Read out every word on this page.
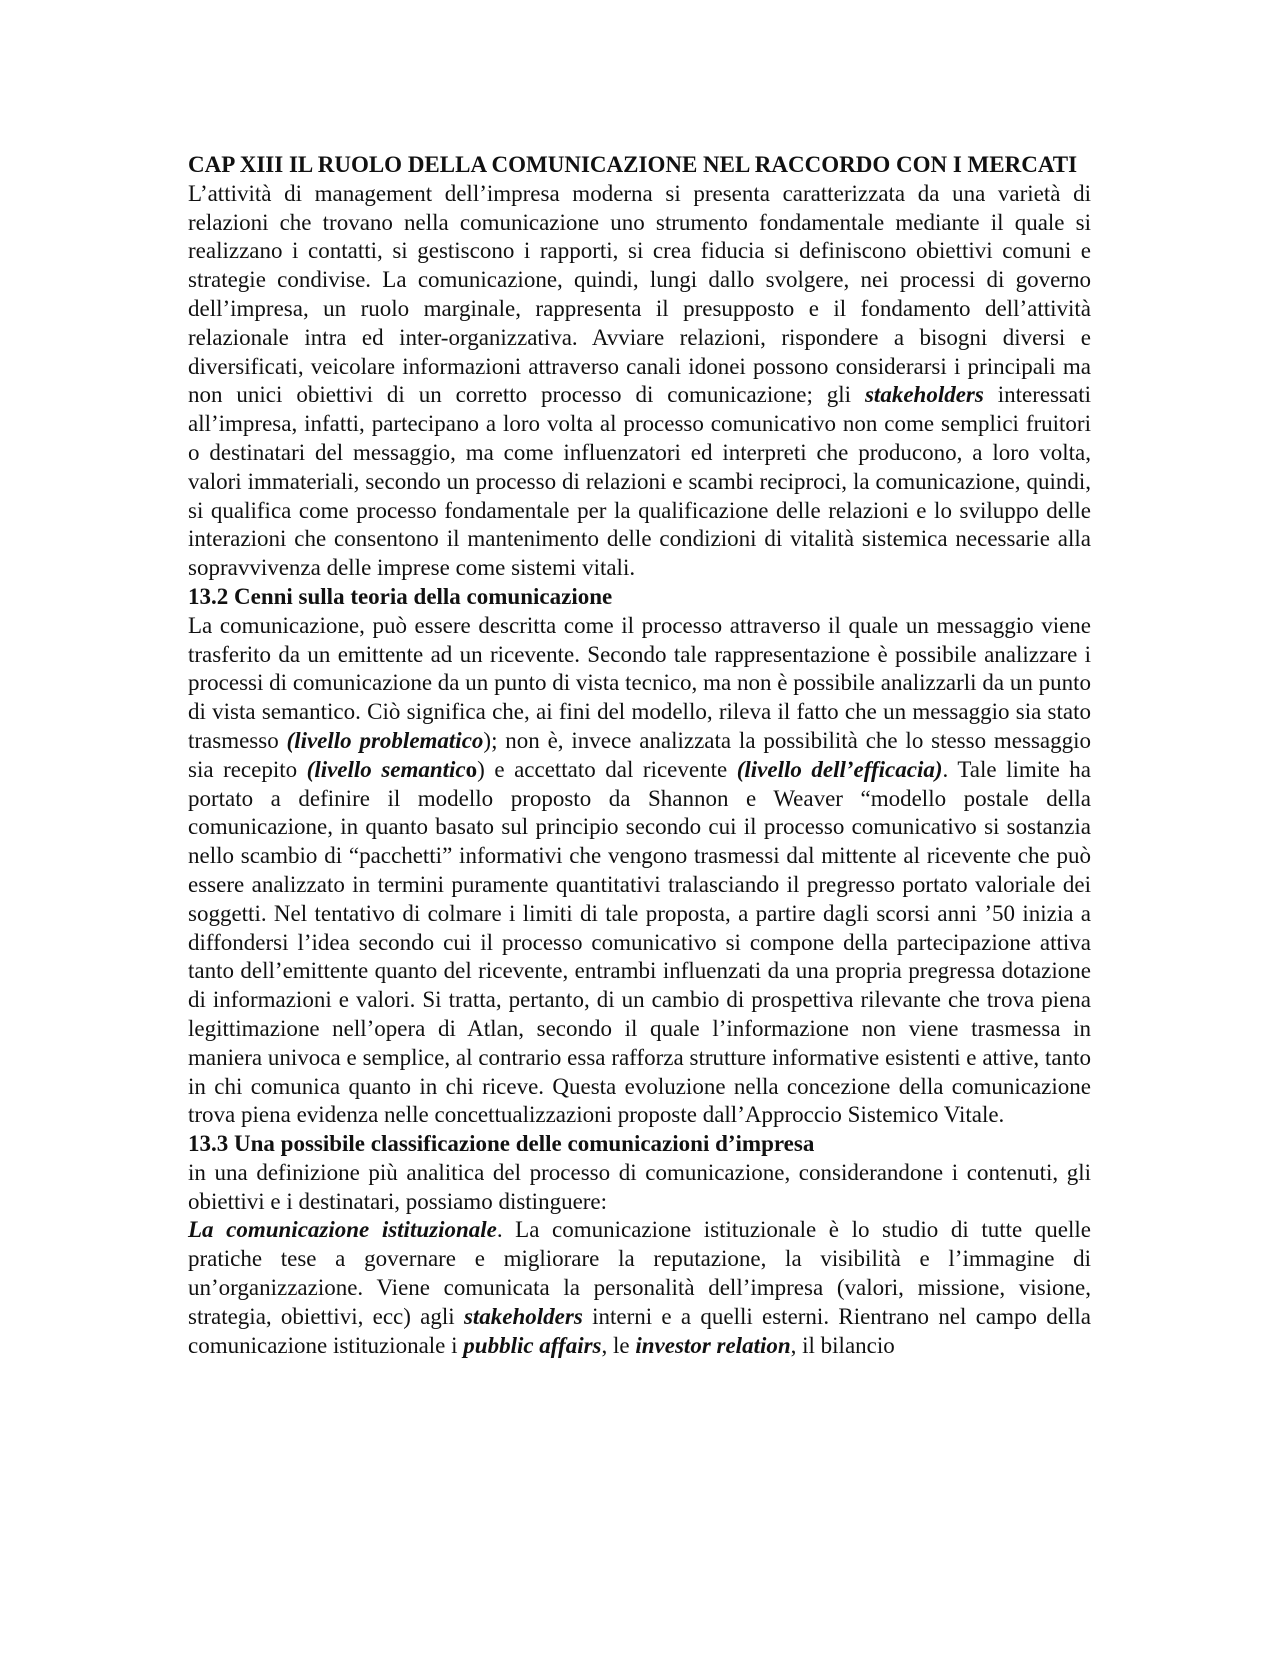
CAP XIII IL RUOLO DELLA COMUNICAZIONE NEL RACCORDO CON I MERCATI

L’attività di management dell’impresa moderna si presenta caratterizzata da una varietà di relazioni che trovano nella comunicazione uno strumento fondamentale mediante il quale si realizzano i contatti, si gestiscono i rapporti, si crea fiducia si definiscono obiettivi comuni e strategie condivise. La comunicazione, quindi, lungi dallo svolgere, nei processi di governo dell’impresa, un ruolo marginale, rappresenta il presupposto e il fondamento dell’attività relazionale intra ed inter-organizzativa. Avviare relazioni, rispondere a bisogni diversi e diversificati, veicolare informazioni attraverso canali idonei possono considerarsi i principali ma non unici obiettivi di un corretto processo di comunicazione; gli stakeholders interessati all’impresa, infatti, partecipano a loro volta al processo comunicativo non come semplici fruitori o destinatari del messaggio, ma come influenzatori ed interpreti che producono, a loro volta, valori immateriali, secondo un processo di relazioni e scambi reciproci, la comunicazione, quindi, si qualifica come processo fondamentale per la qualificazione delle relazioni e lo sviluppo delle interazioni che consentono il mantenimento delle condizioni di vitalità sistemica necessarie alla sopravvivenza delle imprese come sistemi vitali.

13.2 Cenni sulla teoria della comunicazione

La comunicazione, può essere descritta come il processo attraverso il quale un messaggio viene trasferito da un emittente ad un ricevente. Secondo tale rappresentazione è possibile analizzare i processi di comunicazione da un punto di vista tecnico, ma non è possibile analizzarli da un punto di vista semantico. Ciò significa che, ai fini del modello, rileva il fatto che un messaggio sia stato trasmesso (livello problematico); non è, invece analizzata la possibilità che lo stesso messaggio sia recepito (livello semantico) e accettato dal ricevente (livello dell’efficacia). Tale limite ha portato a definire il modello proposto da Shannon e Weaver “modello postale della comunicazione, in quanto basato sul principio secondo cui il processo comunicativo si sostanzia nello scambio di “pacchetti” informativi che vengono trasmessi dal mittente al ricevente che può essere analizzato in termini puramente quantitativi tralasciando il pregresso portato valoriale dei soggetti. Nel tentativo di colmare i limiti di tale proposta, a partire dagli scorsi anni ’50 inizia a diffondersi l’idea secondo cui il processo comunicativo si compone della partecipazione attiva tanto dell’emittente quanto del ricevente, entrambi influenzati da una propria pregressa dotazione di informazioni e valori. Si tratta, pertanto, di un cambio di prospettiva rilevante che trova piena legittimazione nell’opera di Atlan, secondo il quale l’informazione non viene trasmessa in maniera univoca e semplice, al contrario essa rafforza strutture informative esistenti e attive, tanto in chi comunica quanto in chi riceve. Questa evoluzione nella concezione della comunicazione trova piena evidenza nelle concettualizzazioni proposte dall’Approccio Sistemico Vitale.

13.3 Una possibile classificazione delle comunicazioni d’impresa

in una definizione più analitica del processo di comunicazione, considerandone i contenuti, gli obiettivi e i destinatari, possiamo distinguere:

La comunicazione istituzionale. La comunicazione istituzionale è lo studio di tutte quelle pratiche tese a governare e migliorare la reputazione, la visibilità e l’immagine di un’organizzazione. Viene comunicata la personalità dell’impresa (valori, missione, visione, strategia, obiettivi, ecc) agli stakeholders interni e a quelli esterni. Rientrano nel campo della comunicazione istituzionale i pubblic affairs, le investor relation, il bilancio
